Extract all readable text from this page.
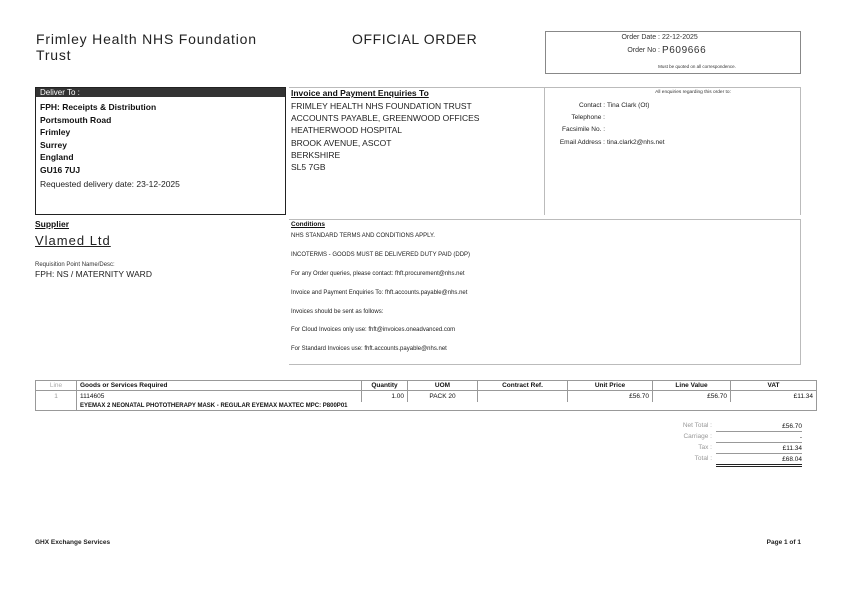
Frimley Health NHS Foundation Trust
OFFICIAL ORDER	Order Date : 22-12-2025
Order No : P609666
Must be quoted on all correspondence.
Deliver To :
FPH: Receipts & Distribution
Portsmouth Road
Frimley
Surrey
England
GU16 7UJ
Requested delivery date: 23-12-2025
Invoice and Payment Enquiries To
FRIMLEY HEALTH NHS FOUNDATION TRUST
ACCOUNTS PAYABLE, GREENWOOD OFFICES
HEATHERWOOD HOSPITAL
BROOK AVENUE, ASCOT
BERKSHIRE
SL5 7GB
All enquiries regarding this order to:
Contact : Tina Clark (Ot)
Telephone :
Facsimile No. :
Email Address : tina.clark2@nhs.net
Supplier
Vlamed Ltd
Requisition Point Name/Desc:
FPH: NS / MATERNITY WARD
Conditions
NHS STANDARD TERMS AND CONDITIONS APPLY.
INCOTERMS - GOODS MUST BE DELIVERED DUTY PAID (DDP)
For any Order queries, please contact: fhft.procurement@nhs.net
Invoice and Payment Enquiries To: fhft.accounts.payable@nhs.net
Invoices should be sent as follows:
For Cloud Invoices only use: fhft@invoices.oneadvanced.com
For Standard Invoices use: fhft.accounts.payable@nhs.net
Line	Goods or Services Required	Quantity	UOM	Contract Ref.	Unit Price	Line Value	VAT
1	1114605	1.00	PACK 20		£56.70	£56.70	£11.34
	EYEMAX 2 NEONATAL PHOTOTHERAPY MASK - REGULAR EYEMAX MAXTEC MPC: P800P01						
Net Total :	£56.70
Carriage :	-
Tax :	£11.34
Total :	£68.04
GHX Exchange Services	Page 1 of 1
